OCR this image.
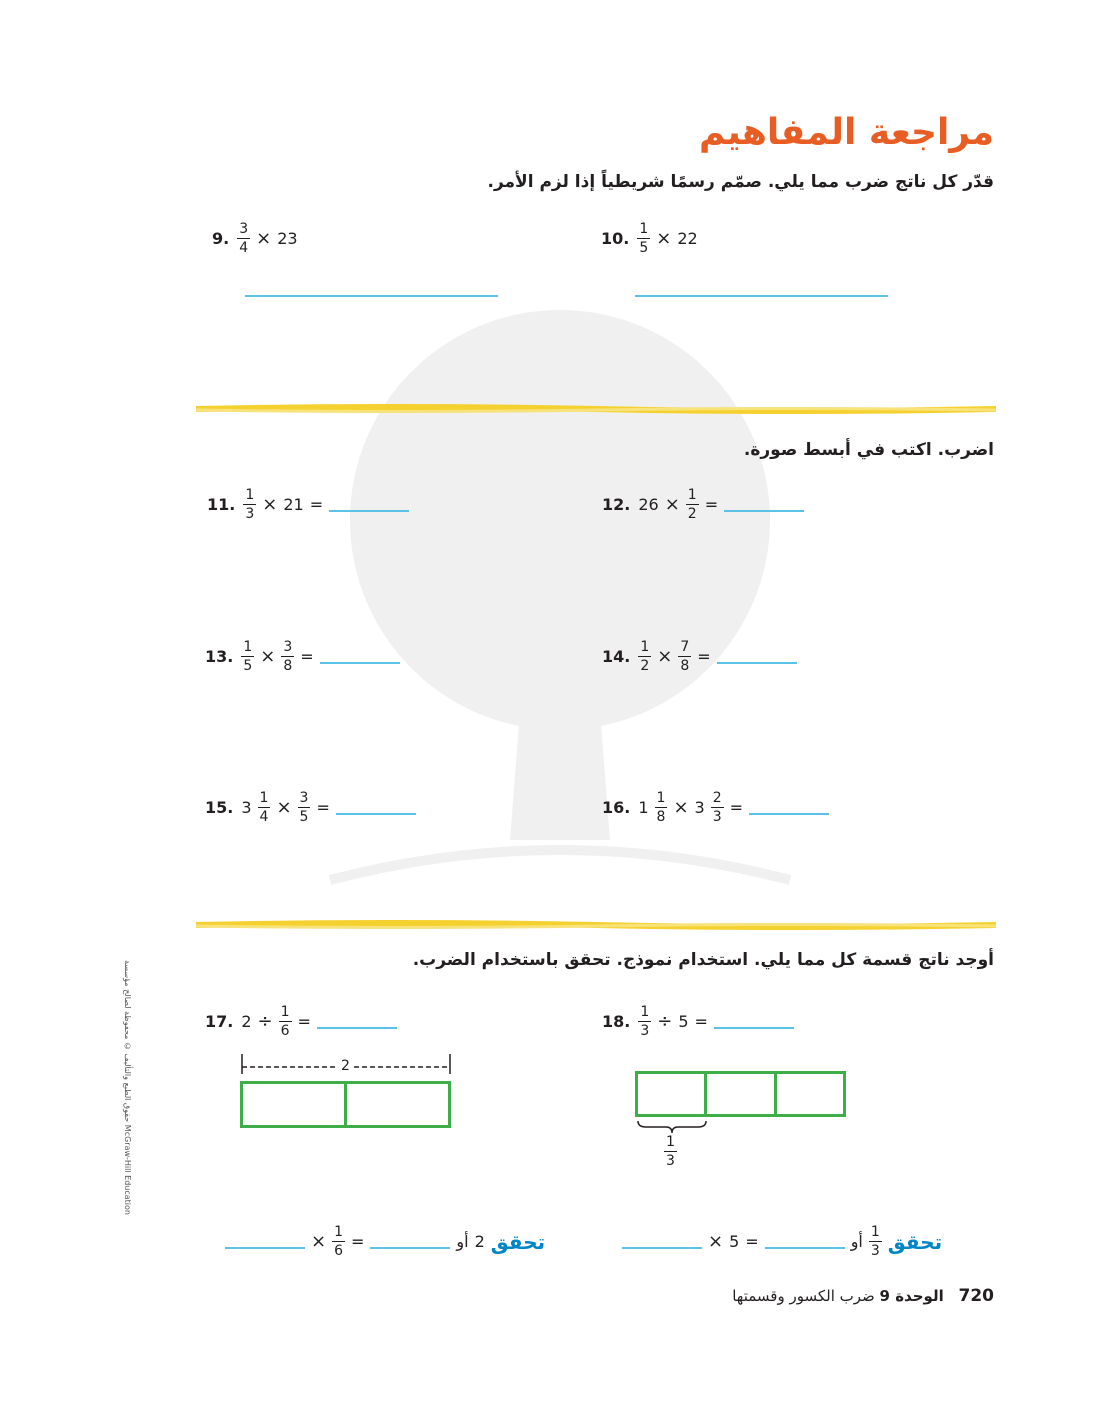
مراجعة المفاهيم
قدّر كل ناتج ضرب مما يلي. صمّم رسمًا شريطياً إذا لزم الأمر.
9. $\frac{3}{4} \times 23$	10. $\frac{1}{5} \times 22$
اضرب. اكتب في أبسط صورة.
11. $\frac{1}{3} \times 21$ =	12. $26 \times \frac{1}{2}$ =
13. $\frac{1}{5} \times \frac{3}{8}$ =	14. $\frac{1}{2} \times \frac{7}{8}$ =
15. $3 \frac{1}{4} \times \frac{3}{5}$ =	16. $1 \frac{1}{8} \times 3 \frac{2}{3}$ =
أوجد ناتج قسمة كل مما يلي. استخدام نموذج. تحقق باستخدام الضرب.
17. $2 \div \frac{1}{6}$ =	18. $\frac{1}{3} \div 5$ =
2
$\frac{1}{3}$
× $\frac{1}{6}$ =	أو 2 تحقق	× 5 =	أو $\frac{1}{3}$ تحقق
720 الوحدة 9 ضرب الكسور وقسمتها
حقوق الطبع والتأليف © محفوظة لصالح مؤسسة McGraw-Hill Education
